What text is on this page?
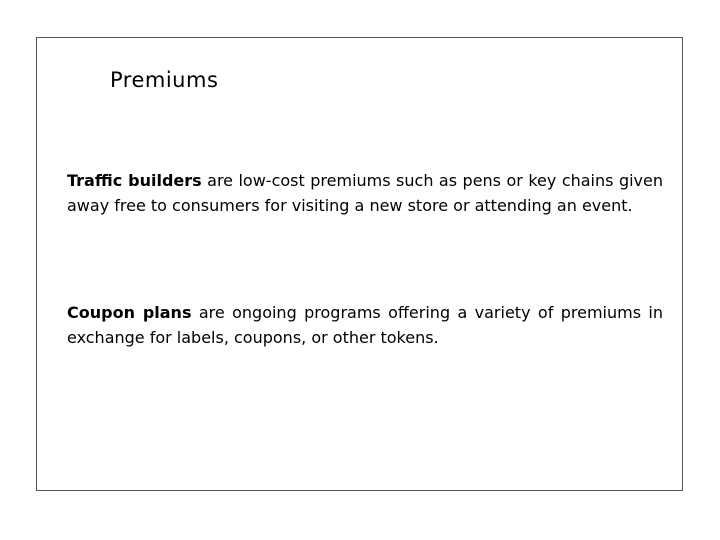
Premiums

Traffic builders are low-cost premiums such as pens or key chains given away free to consumers for visiting a new store or attending an event.

Coupon plans are ongoing programs offering a variety of premiums in exchange for labels, coupons, or other tokens.
